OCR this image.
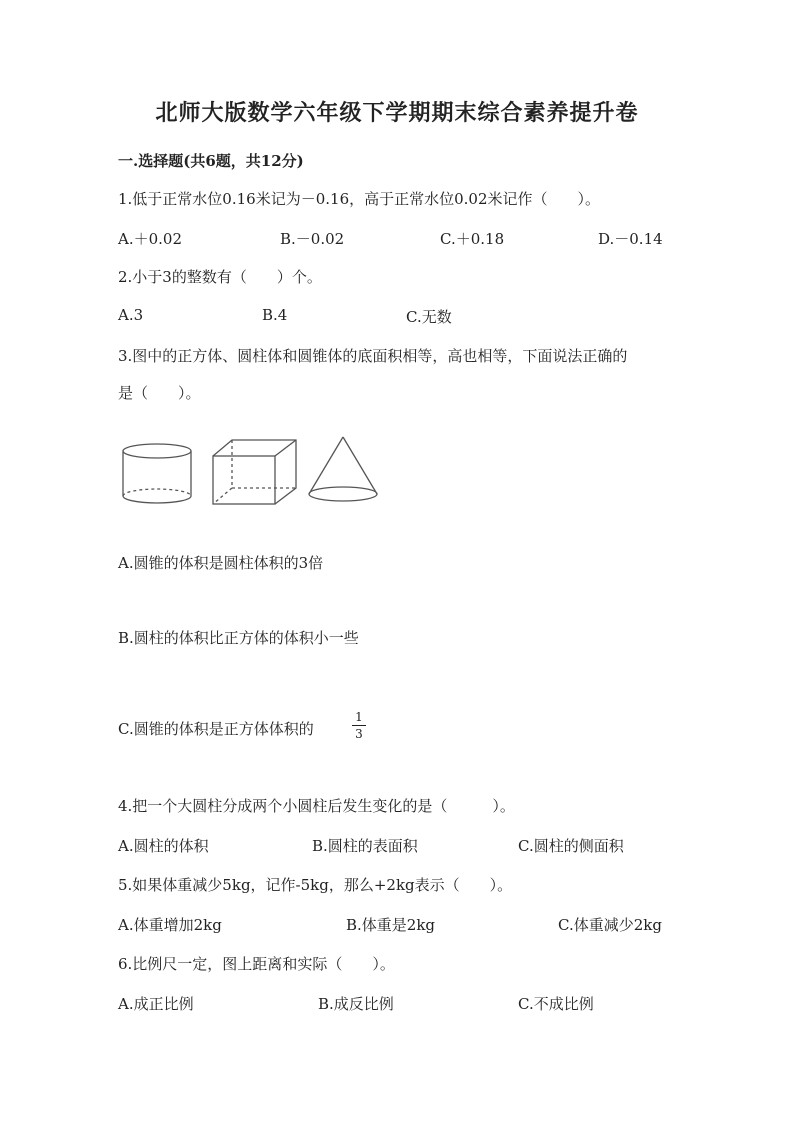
北师大版数学六年级下学期期末综合素养提升卷
一.选择题(共6题，共12分)
1.低于正常水位0.16米记为－0.16，高于正常水位0.02米记作（　　）。
A.＋0.02	B.－0.02	C.＋0.18	D.－0.14
2.小于3的整数有（　　）个。
A.3	B.4	C.无数
3.图中的正方体、圆柱体和圆锥体的底面积相等，高也相等，下面说法正确的
是（　　）。
A.圆锥的体积是圆柱体积的3倍
B.圆柱的体积比正方体的体积小一些
C.圆锥的体积是正方体体积的
1
3
4.把一个大圆柱分成两个小圆柱后发生变化的是（　　　）。
A.圆柱的体积	B.圆柱的表面积	C.圆柱的侧面积
5.如果体重减少5kg，记作-5kg，那么+2kg表示（　　）。
A.体重增加2kg	B.体重是2kg	C.体重减少2kg
6.比例尺一定，图上距离和实际（　　）。
A.成正比例	B.成反比例	C.不成比例
